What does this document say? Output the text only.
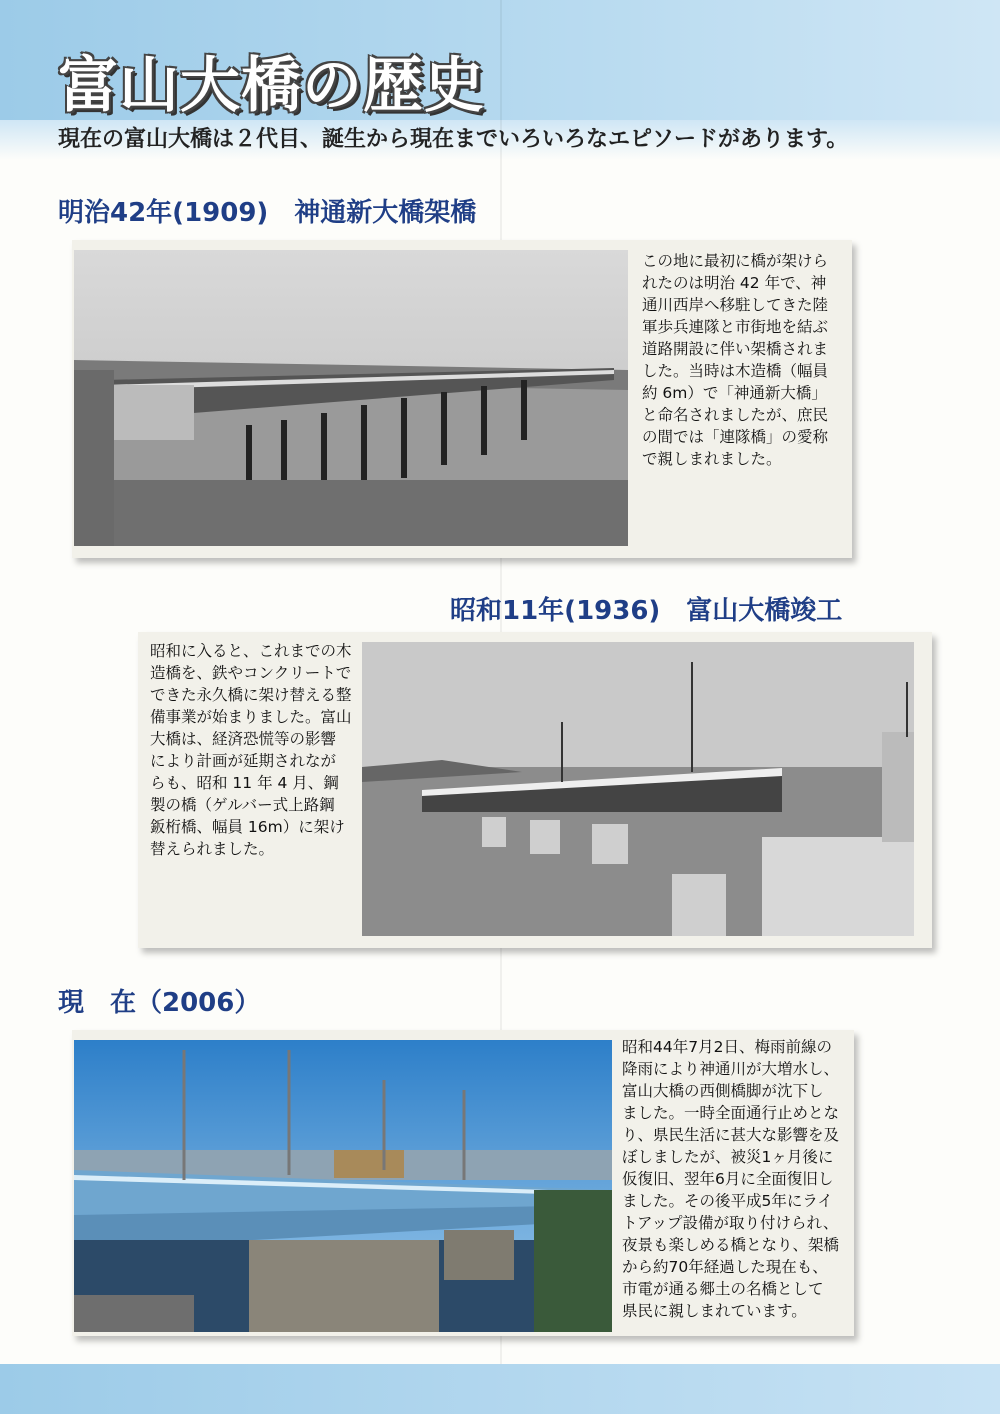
富山大橋の歴史
現在の富山大橋は２代目、誕生から現在までいろいろなエピソードがあります。
明治42年(1909)　神通新大橋架橋
この地に最初に橋が架けら
れたのは明治 42 年で、神
通川西岸へ移駐してきた陸
軍歩兵連隊と市街地を結ぶ
道路開設に伴い架橋されま
した。当時は木造橋（幅員
約 6m）で「神通新大橋」
と命名されましたが、庶民
の間では「連隊橋」の愛称
で親しまれました。
昭和11年(1936)　富山大橋竣工
昭和に入ると、これまでの木
造橋を、鉄やコンクリートで
できた永久橋に架け替える整
備事業が始まりました。富山
大橋は、経済恐慌等の影響
により計画が延期されなが
らも、昭和 11 年 4 月、鋼
製の橋（ゲルバー式上路鋼
鈑桁橋、幅員 16m）に架け
替えられました。
現　在（2006）
昭和44年7月2日、梅雨前線の
降雨により神通川が大増水し、
富山大橋の西側橋脚が沈下し
ました。一時全面通行止めとな
り、県民生活に甚大な影響を及
ぼしましたが、被災1ヶ月後に
仮復旧、翌年6月に全面復旧し
ました。その後平成5年にライ
トアップ設備が取り付けられ、
夜景も楽しめる橋となり、架橋
から約70年経過した現在も、
市電が通る郷土の名橋として
県民に親しまれています。
